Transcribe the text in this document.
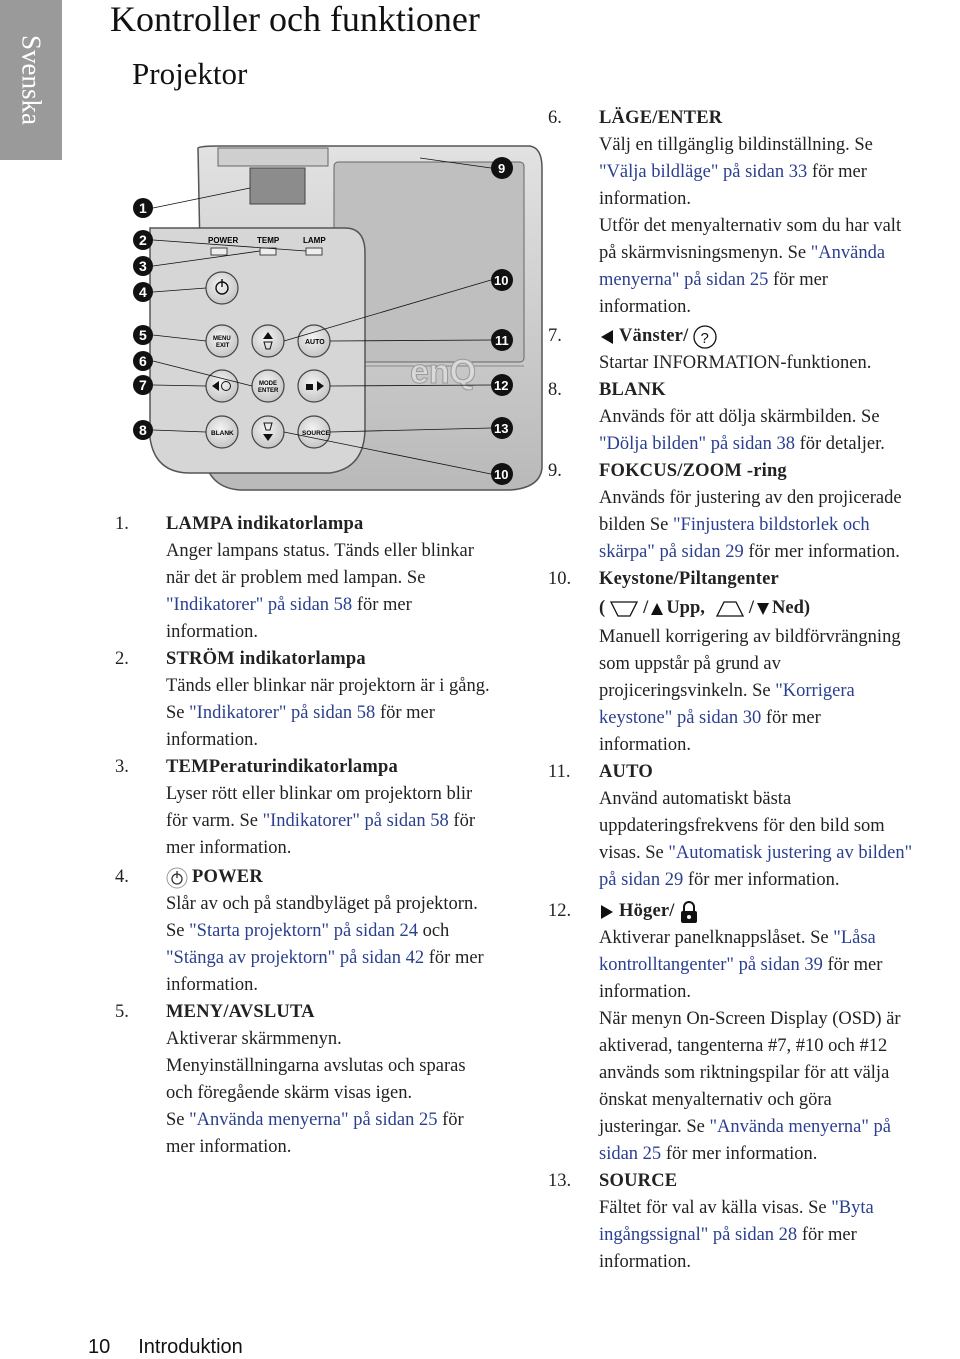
Svenska
Kontroller och funktioner
Projektor
enQ
POWER TEMP	LAMP
MENU
EXIT	AUTO
MODE
ENTER
BLANK	SOURCE
1
2
3
4
5
6
7
8
9
10
11
12
13
10
1.	LAMPA indikatorlampa

Anger lampans status. Tänds eller blinkar

när det är problem med lampan. Se

"Indikatorer" på sidan 58 för mer

information.

2.	STRÖM indikatorlampa

Tänds eller blinkar när projektorn är i gång.

Se "Indikatorer" på sidan 58 för mer

information.

3.	TEMPeraturindikatorlampa

Lyser rött eller blinkar om projektorn blir

för varm. Se "Indikatorer" på sidan 58 för

mer information.

4.	POWER

Slår av och på standbyläget på projektorn.

Se "Starta projektorn" på sidan 24 och

"Stänga av projektorn" på sidan 42 för mer

information.

5.	MENY/AVSLUTA

Aktiverar skärmmenyn.

Menyinställningarna avslutas och sparas

och föregående skärm visas igen.

Se "Använda menyerna" på sidan 25 för

mer information.

6.	LÄGE/ENTER

Välj en tillgänglig bildinställning. Se

"Välja bildläge" på sidan 33 för mer

information.

Utför det menyalternativ som du har valt

på skärmvisningsmenyn. Se "Använda

menyerna" på sidan 25 för mer

information.

7.	Vänster/ ?

Startar INFORMATION-funktionen.

8.	BLANK

Används för att dölja skärmbilden. Se

"Dölja bilden" på sidan 38 för detaljer.

9.	FOKCUS/ZOOM -ring

Används för justering av den projicerade

bilden Se "Finjustera bildstorlek och

skärpa" på sidan 29 för mer information.

10.	Keystone/Piltangenter
( / Upp, / Ned)

Manuell korrigering av bildförvrängning

som uppstår på grund av

projiceringsvinkeln. Se "Korrigera

keystone" på sidan 30 för mer

information.

11.	AUTO

Använd automatiskt bästa

uppdateringsfrekvens för den bild som

visas. Se "Automatisk justering av bilden"

på sidan 29 för mer information.

12.	Höger/

Aktiverar panelknappslåset. Se "Låsa

kontrolltangenter" på sidan 39 för mer

information.

När menyn On-Screen Display (OSD) är

aktiverad, tangenterna #7, #10 och #12

används som riktningspilar för att välja

önskat menyalternativ och göra

justeringar. Se "Använda menyerna" på

sidan 25 för mer information.

13.	SOURCE

Fältet för val av källa visas. Se "Byta

ingångssignal" på sidan 28 för mer

information.

10 Introduktion
